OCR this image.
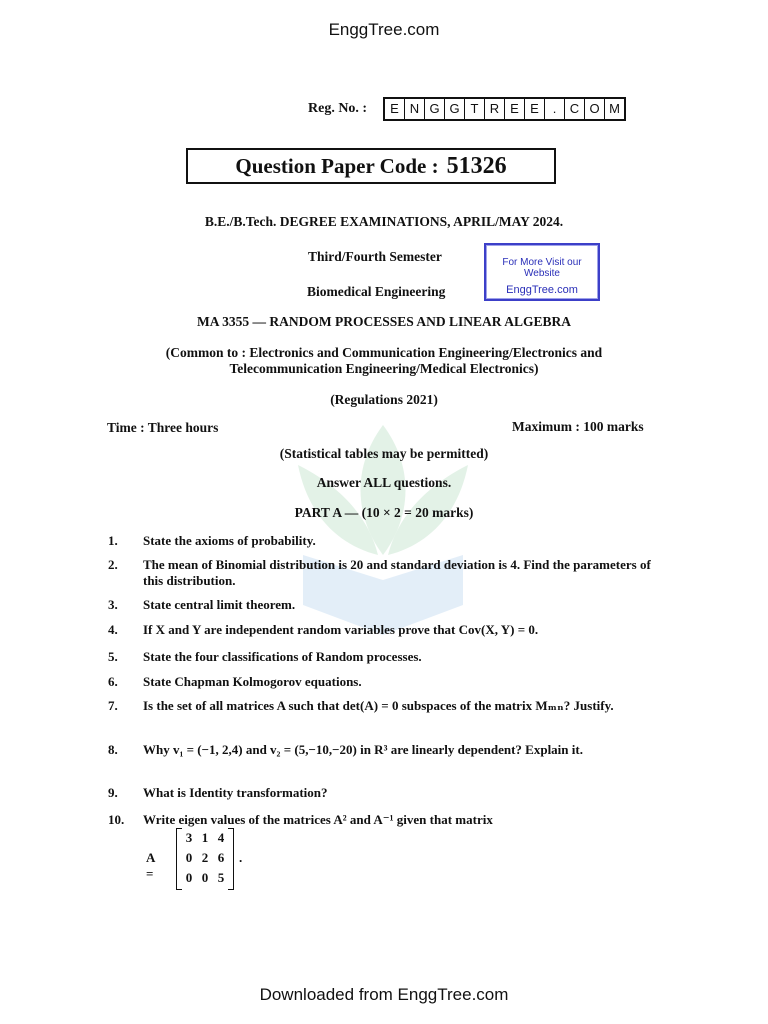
EnggTree.com
Reg. No. :	E N G G T R E E	.	C O M
Question Paper Code : 51326
B.E./B.Tech. DEGREE EXAMINATIONS, APRIL/MAY 2024.
Third/Fourth Semester
Biomedical Engineering
For More Visit our Website
EnggTree.com
MA 3355 — RANDOM PROCESSES AND LINEAR ALGEBRA
(Common to : Electronics and Communication Engineering/Electronics and
Telecommunication Engineering/Medical Electronics)
(Regulations 2021)
Time : Three hours	Maximum : 100 marks
(Statistical tables may be permitted)
Answer ALL questions.
PART A — (10 × 2 = 20 marks)
1. State the axioms of probability.
2. The mean of Binomial distribution is 20 and standard deviation is 4. Find the parameters of this distribution.
3. State central limit theorem.
4. If X and Y are independent random variables prove that Cov(X, Y) = 0.
5. State the four classifications of Random processes.
6. State Chapman Kolmogorov equations.
7. Is the set of all matrices A such that det(A) = 0 subspaces of the matrix Mₘₙ? Justify.
8. Why v₁ = (−1, 2,4) and v₂ = (5,−10,−20) in R³ are linearly dependent? Explain it.
9. What is Identity transformation?
10. Write eigen values of the matrices A² and A⁻¹ given that matrix
A =
3 1 4
0 2 6
0 0 5
.
Downloaded from EnggTree.com
